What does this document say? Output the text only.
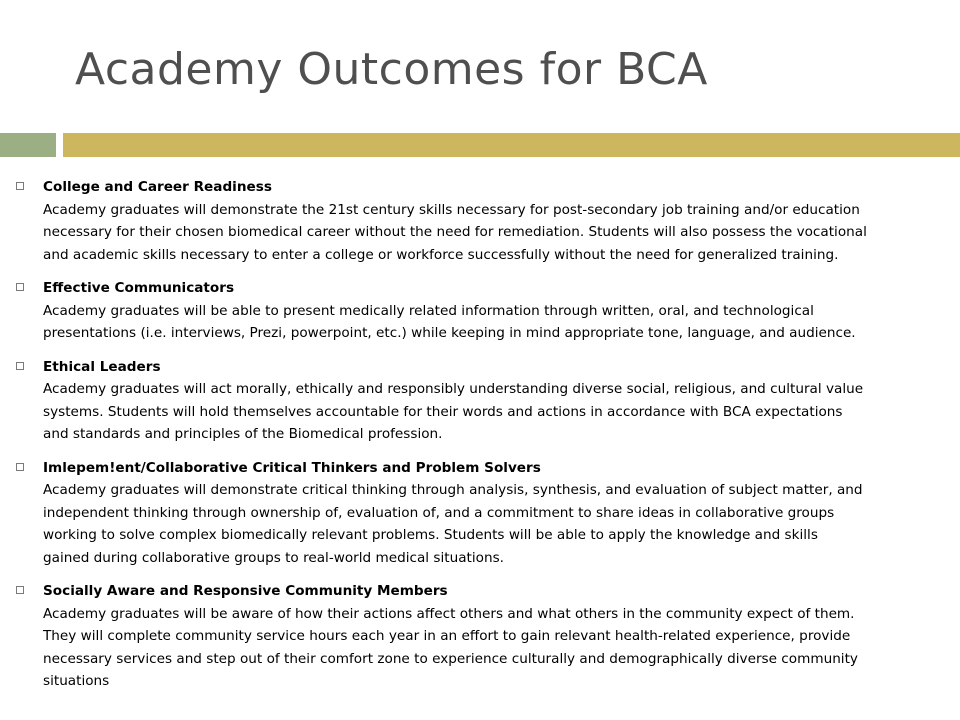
Academy Outcomes for BCA
College and Career Readiness
Academy graduates will demonstrate the 21st century skills necessary for post-secondary job training and/or education
necessary for their chosen biomedical career without the need for remediation. Students will also possess the vocational
and academic skills necessary to enter a college or workforce successfully without the need for generalized training.
Effective Communicators
Academy graduates will be able to present medically related information through written, oral, and technological
presentations (i.e. interviews, Prezi, powerpoint, etc.) while keeping in mind appropriate tone, language, and audience.
Ethical Leaders
Academy graduates will act morally, ethically and responsibly understanding diverse social, religious, and cultural value
systems. Students will hold themselves accountable for their words and actions in accordance with BCA expectations
and standards and principles of the Biomedical profession.
Imlepem!ent/Collaborative Critical Thinkers and Problem Solvers
Academy graduates will demonstrate critical thinking through analysis, synthesis, and evaluation of subject matter, and
independent thinking through ownership of, evaluation of, and a commitment to share ideas in collaborative groups
working to solve complex biomedically relevant problems. Students will be able to apply the knowledge and skills
gained during collaborative groups to real-world medical situations.
Socially Aware and Responsive Community Members
Academy graduates will be aware of how their actions affect others and what others in the community expect of them.
They will complete community service hours each year in an effort to gain relevant health-related experience, provide
necessary services and step out of their comfort zone to experience culturally and demographically diverse community
situations
